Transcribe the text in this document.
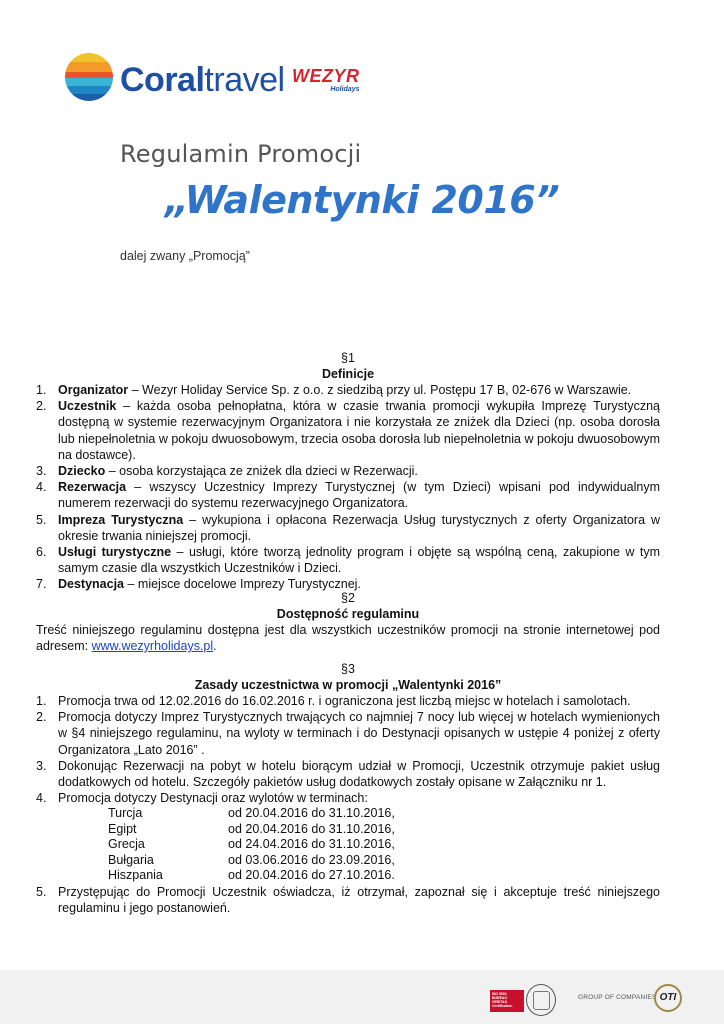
Coraltravel WEZYR
Holidays
Regulamin Promocji
„Walentynki 2016”
dalej zwany „Promocją”
§1
Definicje
1. Organizator – Wezyr Holiday Service Sp. z o.o. z siedzibą przy ul. Postępu 17 B, 02-676 w Warszawie.
2. Uczestnik – każda osoba pełnopłatna, która w czasie trwania promocji wykupiła Imprezę Turystyczną dostępną w systemie rezerwacyjnym Organizatora i nie korzystała ze zniżek dla Dzieci (np. osoba dorosła lub niepełnoletnia w pokoju dwuosobowym, trzecia osoba dorosła lub niepełnoletnia w pokoju dwuosobowym na dostawce).
3. Dziecko – osoba korzystająca ze zniżek dla dzieci w Rezerwacji.
4. Rezerwacja – wszyscy Uczestnicy Imprezy Turystycznej (w tym Dzieci) wpisani pod indywidualnym numerem rezerwacji do systemu rezerwacyjnego Organizatora.
5. Impreza Turystyczna – wykupiona i opłacona Rezerwacja Usług turystycznych z oferty Organizatora w okresie trwania niniejszej promocji.
6. Usługi turystyczne – usługi, które tworzą jednolity program i objęte są wspólną ceną, zakupione w tym samym czasie dla wszystkich Uczestników i Dzieci.
7. Destynacja – miejsce docelowe Imprezy Turystycznej.
§2
Dostępność regulaminu

Treść niniejszego regulaminu dostępna jest dla wszystkich uczestników promocji na stronie internetowej pod adresem: www.wezyrholidays.pl.

§3
Zasady uczestnictwa w promocji „Walentynki 2016”
1. Promocja trwa od 12.02.2016 do 16.02.2016 r. i ograniczona jest liczbą miejsc w hotelach i samolotach.
2. Promocja dotyczy Imprez Turystycznych trwających co najmniej 7 nocy lub więcej w hotelach wymienionych w §4 niniejszego regulaminu, na wyloty w terminach i do Destynacji opisanych w ustępie 4 poniżej z oferty Organizatora „Lato 2016” .
3. Dokonując Rezerwacji na pobyt w hotelu biorącym udział w Promocji, Uczestnik otrzymuje pakiet usług dodatkowych od hotelu. Szczegóły pakietów usług dodatkowych zostały opisane w Załączniku nr 1.
4. Promocja dotyczy Destynacji oraz wylotów w terminach:
Turcja	od 20.04.2016 do 31.10.2016,
Egipt	od 20.04.2016 do 31.10.2016,
Grecja	od 24.04.2016 do 31.10.2016,
Bułgaria	od 03.06.2016 do 23.09.2016,
Hiszpania	od 20.04.2016 do 27.10.2016.
5. Przystępując do Promocji Uczestnik oświadcza, iż otrzymał, zapoznał się i akceptuje treść niniejszego regulaminu i jego postanowień.
ISO 9001 BUREAU VERITAS Certification
GROUP OF COMPANIES OTI
